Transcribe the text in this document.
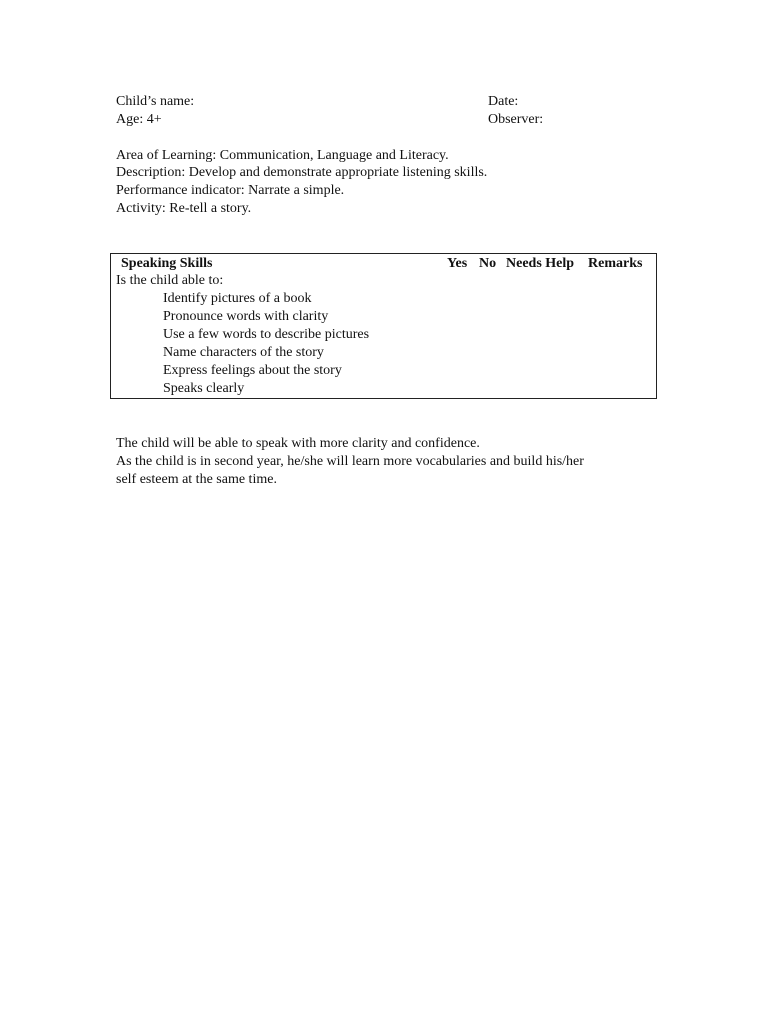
Child’s name:
Age: 4+
Date:
Observer:
Area of Learning: Communication, Language and Literacy.
Description: Develop and demonstrate appropriate listening skills.
Performance indicator: Narrate a simple.
Activity: Re-tell a story.
Speaking Skills	Yes No Needs Help Remarks
Is the child able to:
Identify pictures of a book
Pronounce words with clarity
Use a few words to describe pictures
Name characters of the story
Express feelings about the story
Speaks clearly
The child will be able to speak with more clarity and confidence.
As the child is in second year, he/she will learn more vocabularies and build his/her
self esteem at the same time.
